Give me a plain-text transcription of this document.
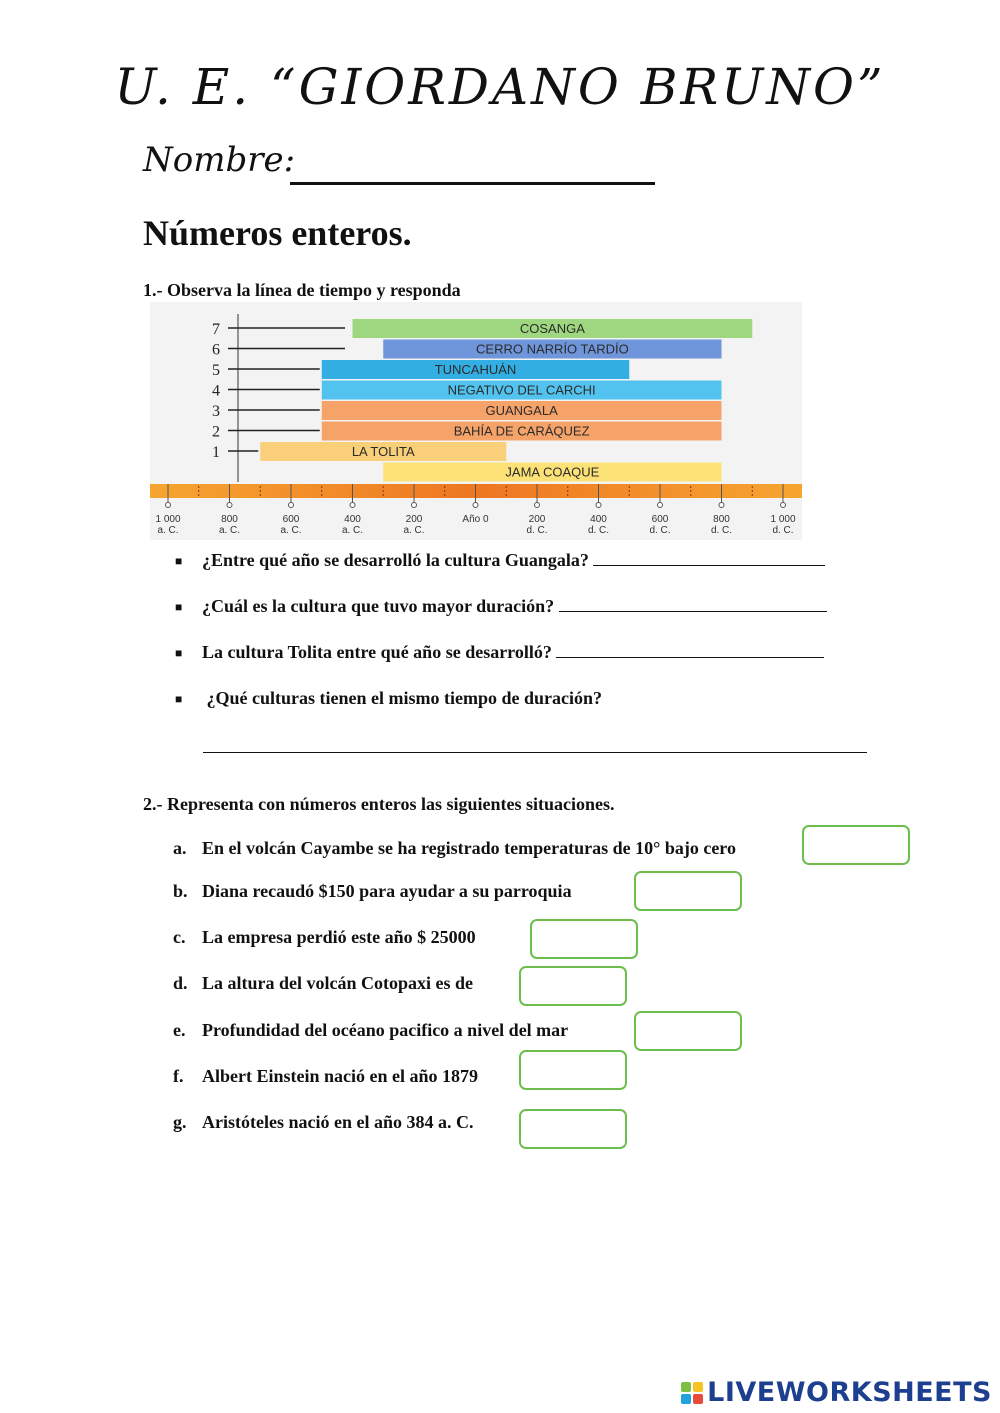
U. E. “GIORDANO BRUNO”
Nombre:
Números enteros.
1.- Observa la línea de tiempo y responda
7	COSANGA
6	CERRO NARRÍO TARDÍO
5	TUNCAHUÁN
4	NEGATIVO DEL CARCHI
3	GUANGALA
2	BAHÍA DE CARÁQUEZ
1	LA TOLITA
JAMA COAQUE
1 000
a. C.
800
a. C.
600
a. C.
400
a. C.
200
a. C.
Año 0	200
d. C.
400
d. C.
600
d. C.
800
d. C.
1 000
d. C.
■ ¿Entre qué año se desarrolló la cultura Guangala?
■ ¿Cuál es la cultura que tuvo mayor duración?
■ La cultura Tolita entre qué año se desarrolló?
■ ¿Qué culturas tienen el mismo tiempo de duración?
2.- Representa con números enteros las siguientes situaciones.
a. En el volcán Cayambe se ha registrado temperaturas de 10° bajo cero
b. Diana recaudó $150 para ayudar a su parroquia
c. La empresa perdió este año $ 25000
d. La altura del volcán Cotopaxi es de
e. Profundidad del océano pacifico a nivel del mar
f. Albert Einstein nació en el año 1879
g. Aristóteles nació en el año 384 a. C.
LIVEWORKSHEETS
